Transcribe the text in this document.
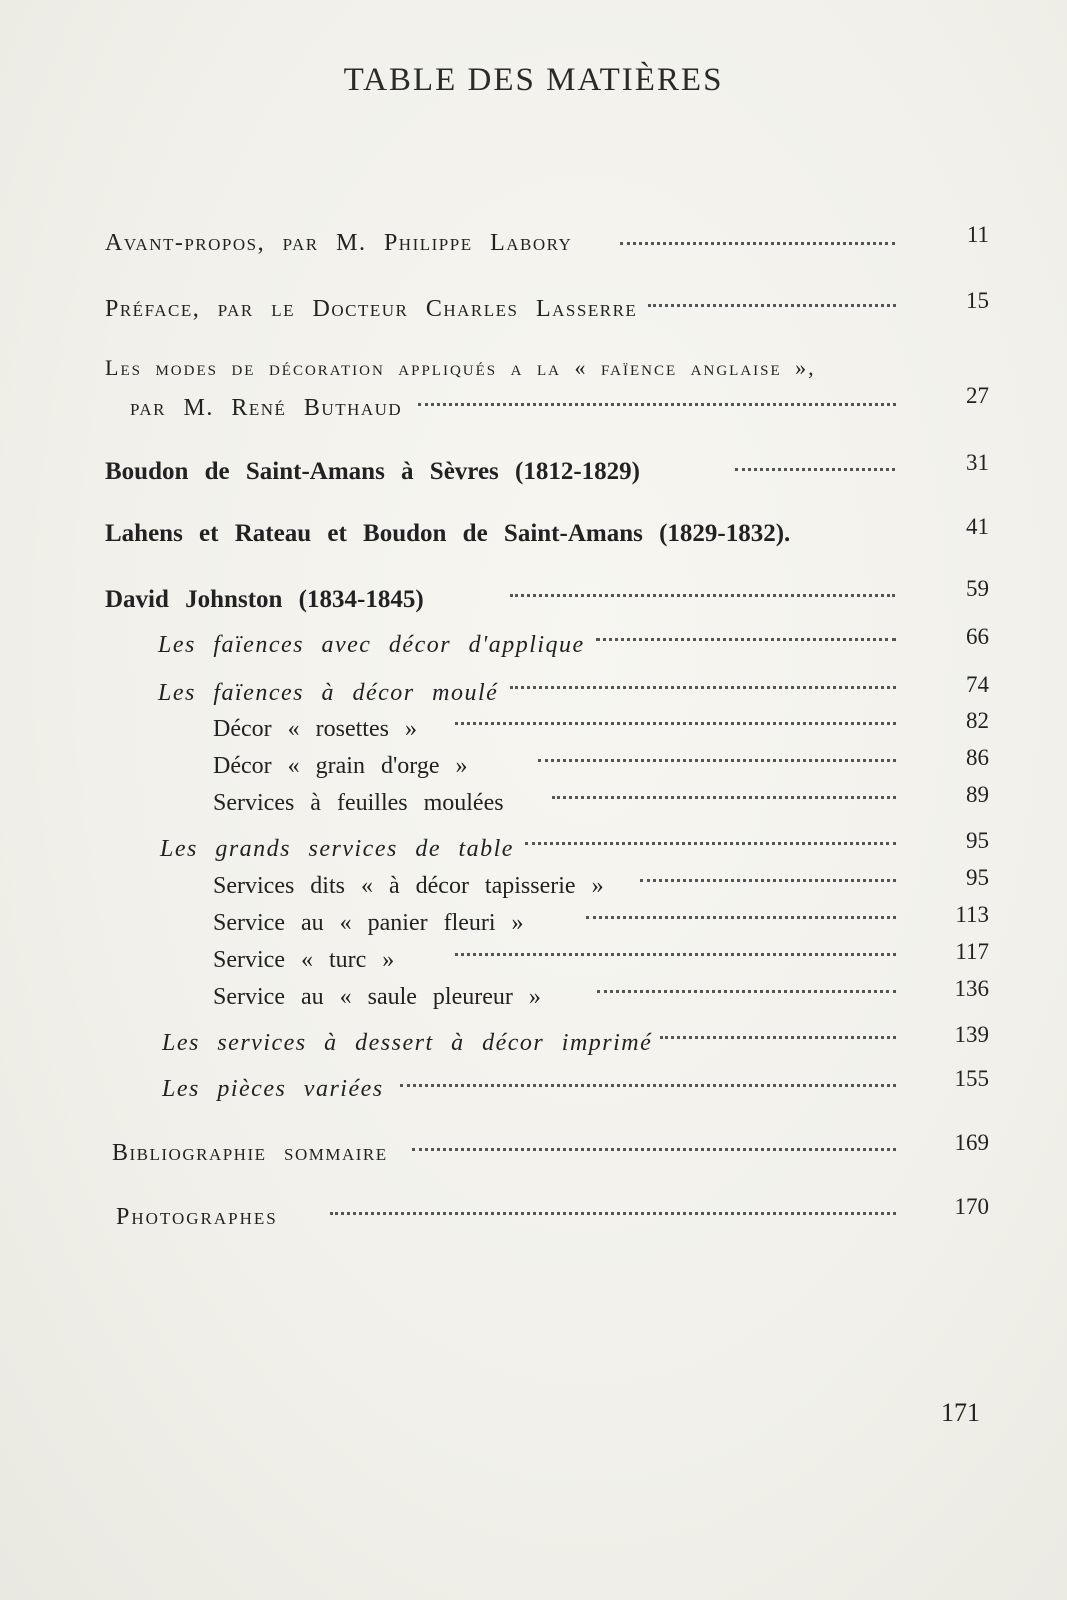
TABLE DES MATIÈRES
Avant-propos, par M. Philippe Labory	11
Préface, par le Docteur Charles Lasserre	15
Les modes de décoration appliqués a la « faïence anglaise »,
par M. René Buthaud	27
Boudon de Saint-Amans à Sèvres (1812-1829)	31
Lahens et Rateau et Boudon de Saint-Amans (1829-1832).	41
David Johnston (1834-1845)	59
Les faïences avec décor d'applique	66
Les faïences à décor moulé	74
Décor « rosettes »	82
Décor « grain d'orge »	86
Services à feuilles moulées	89
Les grands services de table	95
Services dits « à décor tapisserie »	95
Service au « panier fleuri »	113
Service « turc »	117
Service au « saule pleureur »	136
Les services à dessert à décor imprimé	139
Les pièces variées	155
Bibliographie sommaire	169
Photographes	170
171
